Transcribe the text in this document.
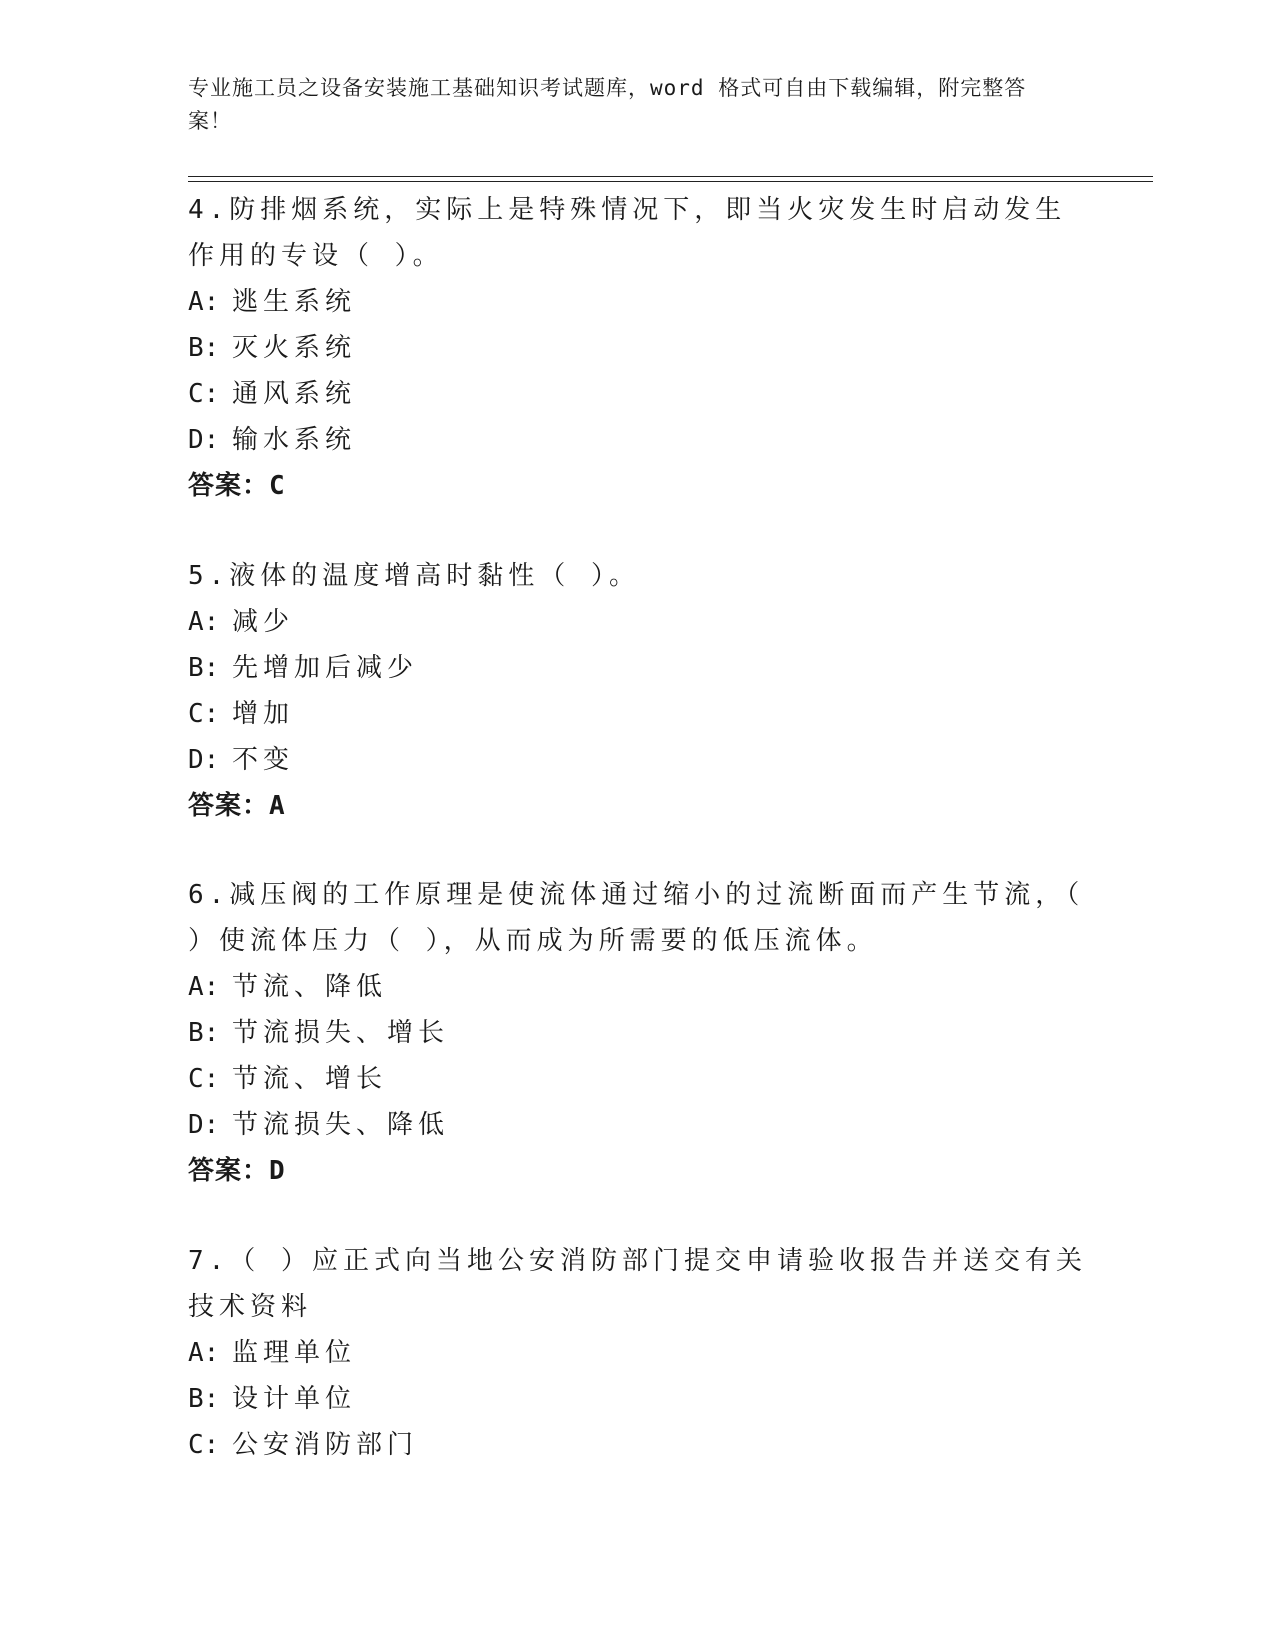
专业施工员之设备安装施工基础知识考试题库，word 格式可自由下载编辑，附完整答案！

4.防排烟系统，实际上是特殊情况下，即当火灾发生时启动发生作用的专设（ ）。

A: 逃生系统

B: 灭火系统

C: 通风系统

D: 输水系统

答案：C

5.液体的温度增高时黏性（ ）。

A: 减少

B: 先增加后减少

C: 增加

D: 不变

答案：A

6.减压阀的工作原理是使流体通过缩小的过流断面而产生节流，（ ）使流体压力（ ），从而成为所需要的低压流体。

A: 节流、降低

B: 节流损失、增长

C: 节流、增长

D: 节流损失、降低

答案：D

7.（ ）应正式向当地公安消防部门提交申请验收报告并送交有关技术资料

A: 监理单位

B: 设计单位

C: 公安消防部门
